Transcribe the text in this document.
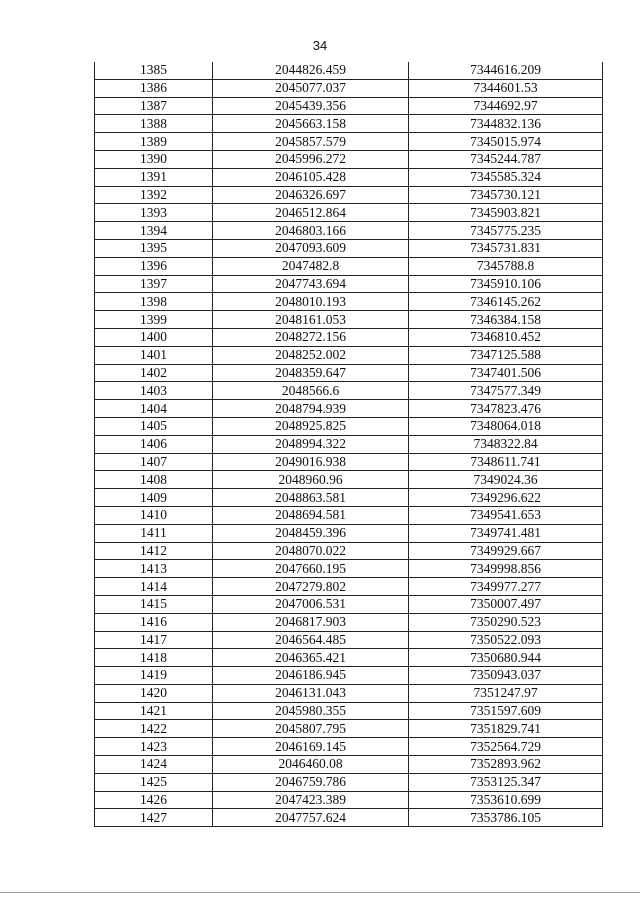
34
1385	2044826.459	7344616.209
1386	2045077.037	7344601.53
1387	2045439.356	7344692.97
1388	2045663.158	7344832.136
1389	2045857.579	7345015.974
1390	2045996.272	7345244.787
1391	2046105.428	7345585.324
1392	2046326.697	7345730.121
1393	2046512.864	7345903.821
1394	2046803.166	7345775.235
1395	2047093.609	7345731.831
1396	2047482.8	7345788.8
1397	2047743.694	7345910.106
1398	2048010.193	7346145.262
1399	2048161.053	7346384.158
1400	2048272.156	7346810.452
1401	2048252.002	7347125.588
1402	2048359.647	7347401.506
1403	2048566.6	7347577.349
1404	2048794.939	7347823.476
1405	2048925.825	7348064.018
1406	2048994.322	7348322.84
1407	2049016.938	7348611.741
1408	2048960.96	7349024.36
1409	2048863.581	7349296.622
1410	2048694.581	7349541.653
1411	2048459.396	7349741.481
1412	2048070.022	7349929.667
1413	2047660.195	7349998.856
1414	2047279.802	7349977.277
1415	2047006.531	7350007.497
1416	2046817.903	7350290.523
1417	2046564.485	7350522.093
1418	2046365.421	7350680.944
1419	2046186.945	7350943.037
1420	2046131.043	7351247.97
1421	2045980.355	7351597.609
1422	2045807.795	7351829.741
1423	2046169.145	7352564.729
1424	2046460.08	7352893.962
1425	2046759.786	7353125.347
1426	2047423.389	7353610.699
1427	2047757.624	7353786.105
